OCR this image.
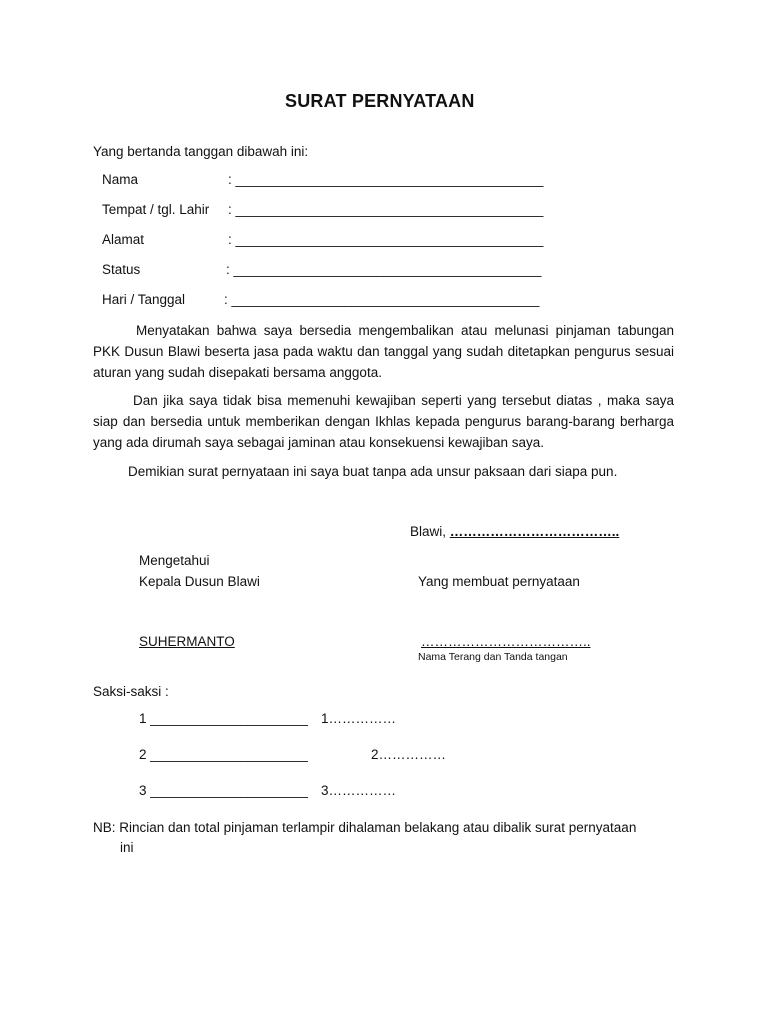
SURAT PERNYATAAN
Yang bertanda tanggan dibawah ini:
Nama	: _________________________________________
Tempat / tgl. Lahir : _________________________________________
Alamat	: _________________________________________
Status	: _________________________________________
Hari / Tanggal	: _________________________________________
Menyatakan bahwa saya bersedia mengembalikan atau melunasi pinjaman tabungan PKK Dusun Blawi beserta jasa pada waktu dan tanggal yang sudah ditetapkan pengurus sesuai aturan yang sudah disepakati bersama anggota.
Dan jika saya tidak bisa memenuhi kewajiban seperti yang tersebut diatas , maka saya siap dan bersedia untuk memberikan dengan Ikhlas kepada pengurus barang-barang berharga yang ada dirumah saya sebagai jaminan atau konsekuensi kewajiban saya.
Demikian surat pernyataan ini saya buat tanpa ada unsur paksaan dari siapa pun.
Blawi, ………………………………..
Mengetahui
Kepala Dusun Blawi	Yang membuat pernyataan
SUHERMANTO	………………………………..
Nama Terang dan Tanda tangan
Saksi-saksi :
1 _____________________ 1……………
2 _____________________	2……………
3 _____________________ 3……………
NB: Rincian dan total pinjaman terlampir dihalaman belakang atau dibalik surat pernyataan
ini
